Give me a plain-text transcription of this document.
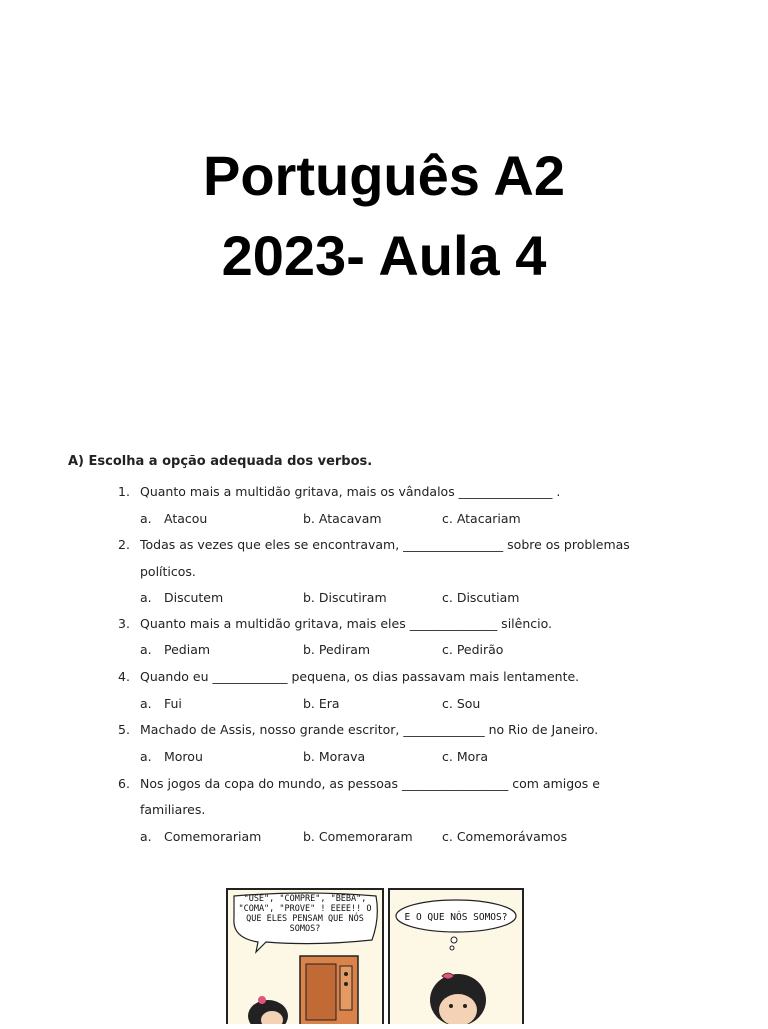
Português A2
2023- Aula 4
A) Escolha a opção adequada dos verbos.
1. Quanto mais a multidão gritava, mais os vândalos _______________ .
a. Atacou	b. Atacavam	c. Atacariam
2. Todas as vezes que eles se encontravam, ________________ sobre os problemas
políticos.
a. Discutem	b. Discutiram	c. Discutiam
3. Quanto mais a multidão gritava, mais eles ______________ silêncio.
a. Pediam	b. Pediram	c. Pedirão
4. Quando eu ____________ pequena, os dias passavam mais lentamente.
a. Fui	b. Era	c. Sou
5. Machado de Assis, nosso grande escritor, _____________ no Rio de Janeiro.
a. Morou	b. Morava	c. Mora
6. Nos jogos da copa do mundo, as pessoas _________________ com amigos e
familiares.
a. Comemorariam	b. Comemoraram c. Comemorávamos
"USE", "COMPRE", "BEBA", "COMA", "PROVE" ! EEEE!! O QUE ELES PENSAM QUE NÓS SOMOS?
E O QUE NÓS SOMOS?
